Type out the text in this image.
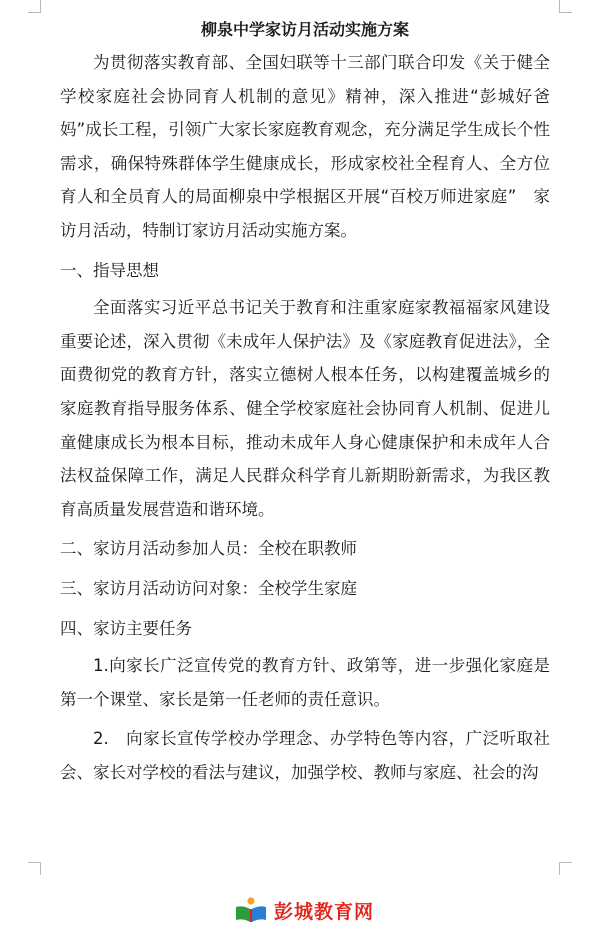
柳泉中学家访月活动实施方案

为贯彻落实教育部、全国妇联等十三部门联合印发《关于健全学校家庭社会协同育人机制的意见》精神，深入推进“彭城好爸妈”成长工程，引领广大家长家庭教育观念，充分满足学生成长个性需求，确保特殊群体学生健康成长，形成家校社全程育人、全方位育人和全员育人的局面柳泉中学根据区开展“百校万师进家庭”　家访月活动，特制订家访月活动实施方案。

一、指导思想

全面落实习近平总书记关于教育和注重家庭家教福福家风建设重要论述，深入贯彻《未成年人保护法》及《家庭教育促进法》，全面费彻党的教育方针，落实立德树人根本任务，以构建覆盖城乡的家庭教育指导服务体系、健全学校家庭社会协同育人机制、促进儿童健康成长为根本目标，推动未成年人身心健康保护和未成年人合法权益保障工作，满足人民群众科学育儿新期盼新需求，为我区教育高质量发展营造和谐环境。

二、家访月活动参加人员：全校在职教师

三、家访月活动访问对象：全校学生家庭

四、家访主要任务

1.向家长广泛宣传党的教育方针、政第等，进一步强化家庭是第一个课堂、家长是第一任老师的责任意识。

2.　向家长宣传学校办学理念、办学特色等内容，广泛听取社会、家长对学校的看法与建议，加强学校、教师与家庭、社会的沟

彭城教育网
